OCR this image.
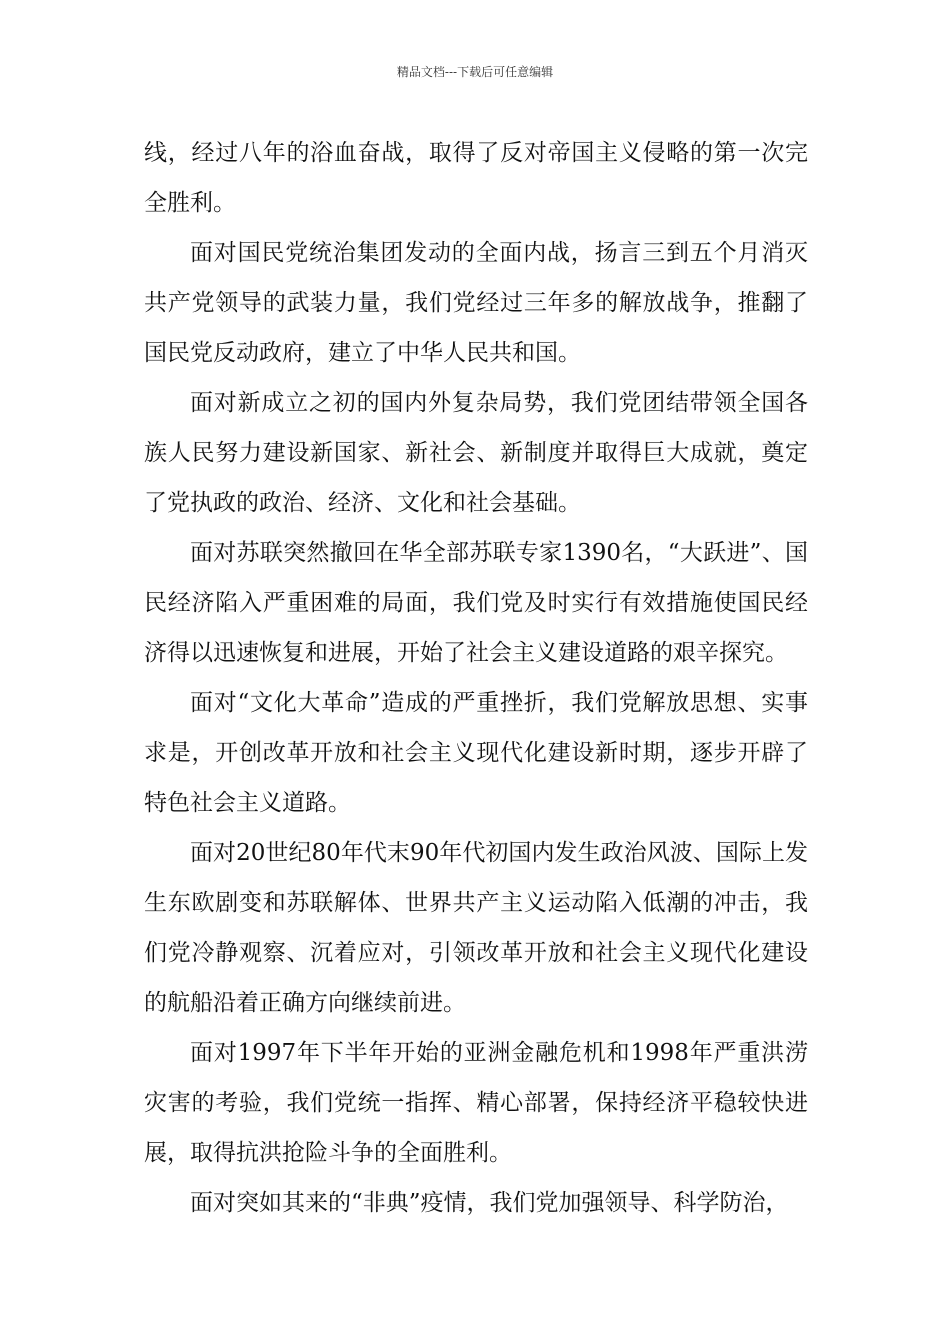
精品文档---下载后可任意编辑

线，经过八年的浴血奋战，取得了反对帝国主义侵略的第一次完全胜利。

面对国民党统治集团发动的全面内战，扬言三到五个月消灭共产党领导的武装力量，我们党经过三年多的解放战争，推翻了国民党反动政府，建立了中华人民共和国。

面对新成立之初的国内外复杂局势，我们党团结带领全国各族人民努力建设新国家、新社会、新制度并取得巨大成就，奠定了党执政的政治、经济、文化和社会基础。

面对苏联突然撤回在华全部苏联专家1390名，“大跃进”、国民经济陷入严重困难的局面，我们党及时实行有效措施使国民经济得以迅速恢复和进展，开始了社会主义建设道路的艰辛探究。

面对“文化大革命”造成的严重挫折，我们党解放思想、实事求是，开创改革开放和社会主义现代化建设新时期，逐步开辟了特色社会主义道路。

面对20世纪80年代末90年代初国内发生政治风波、国际上发生东欧剧变和苏联解体、世界共产主义运动陷入低潮的冲击，我们党冷静观察、沉着应对，引领改革开放和社会主义现代化建设的航船沿着正确方向继续前进。

面对1997年下半年开始的亚洲金融危机和1998年严重洪涝灾害的考验，我们党统一指挥、精心部署，保持经济平稳较快进展，取得抗洪抢险斗争的全面胜利。

面对突如其来的“非典”疫情，我们党加强领导、科学防治，
